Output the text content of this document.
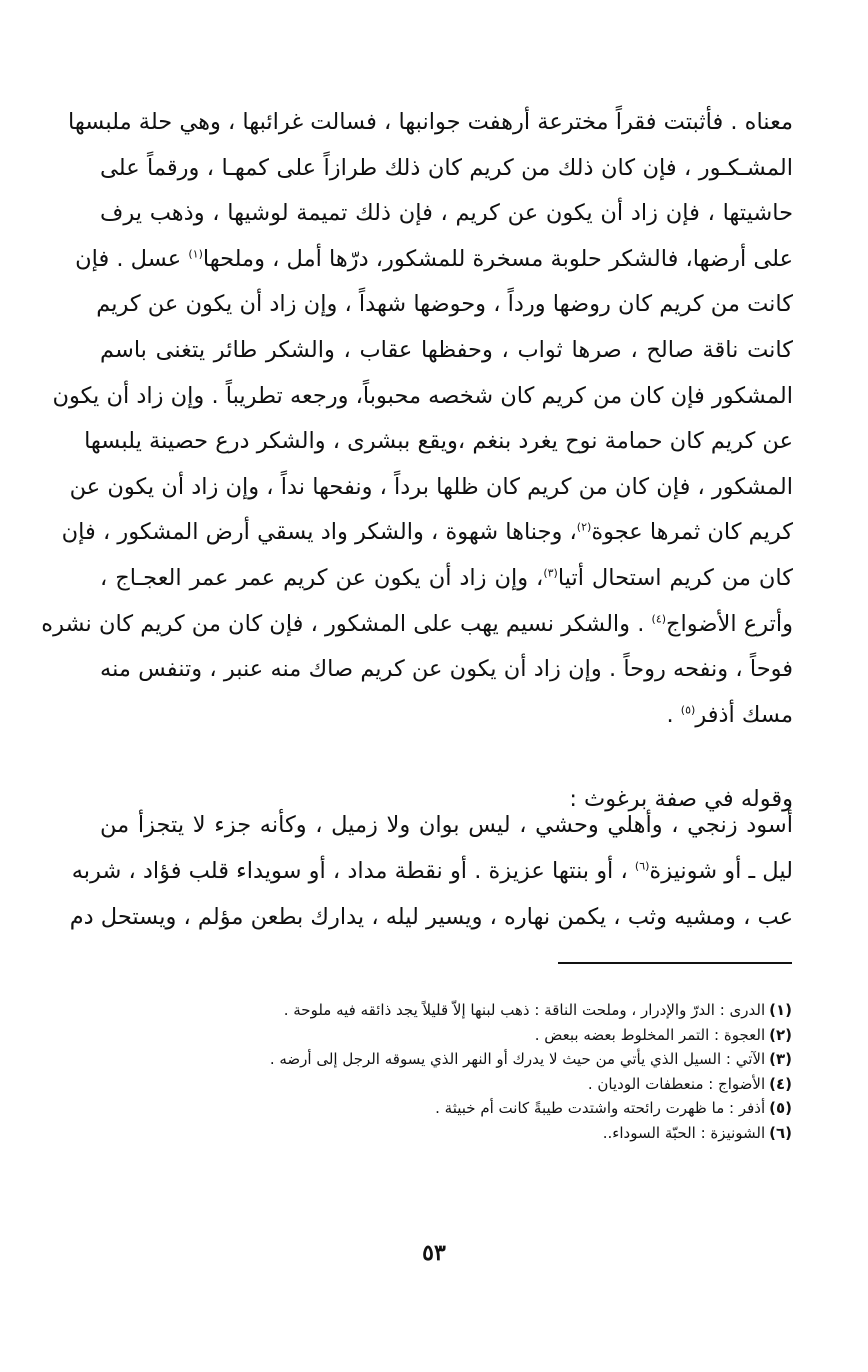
معناه . فأثبتت فقراً مخترعة أرهفت جوانبها ، فسالت غرائبها ، وهي حلة ملبسها
المشـكـور ، فإن كان ذلك من كريم كان ذلك طرازاً على كمهـا ، ورقماً على
حاشيتها ، فإن زاد أن يكون عن كريم ، فإن ذلك تميمة لوشيها ، وذهب يرف
على أرضها، فالشكر حلوبة مسخرة للمشكور، درّها أمل ، وملحها$^{(١)}$ عسل . فإن
كانت من كريم كان روضها ورداً ، وحوضها شهداً ، وإن زاد أن يكون عن كريم
كانت ناقة صالح ، صرها ثواب ، وحفظها عقاب ، والشكر طائر يتغنى باسم
المشكور فإن كان من كريم كان شخصه محبوباً، ورجعه تطريباً . وإن زاد أن يكون
عن كريم كان حمامة نوح يغرد بنغم ،ويقع ببشرى ، والشكر درع حصينة يلبسها
المشكور ، فإن كان من كريم كان ظلها برداً ، ونفحها نداً ، وإن زاد أن يكون عن
كريم كان ثمرها عجوة$^{(٢)}$، وجناها شهوة ، والشكر واد يسقي أرض المشكور ، فإن
كان من كريم استحال أتيا$^{(٣)}$، وإن زاد أن يكون عن كريم عمر عمر العجـاج ،
وأترع الأضواج$^{(٤)}$ . والشكر نسيم يهب على المشكور ، فإن كان من كريم كان نشره
فوحاً ، ونفحه روحاً . وإن زاد أن يكون عن كريم صاك منه عنبر ، وتنفس منه
مسك أذفر$^{(٥)}$ .
وقوله في صفة برغوث :
أسود زنجي ، وأهلي وحشي ، ليس بوان ولا زميل ، وكأنه جزء لا يتجزأ من
ليل ـ أو شونيزة$^{(٦)}$ ، أو بنتها عزيزة . أو نقطة مداد ، أو سويداء قلب فؤاد ، شربه
عب ، ومشيه وثب ، يكمن نهاره ، ويسير ليله ، يدارك بطعن مؤلم ، ويستحل دم
(١)الدرى : الدرّ والإدرار ، وملحت الناقة : ذهب لبنها إلاّ قليلاً يجد ذائقه فيه ملوحة .
(٢)العجوة : التمر المخلوط بعضه ببعض .
(٣)الآتي : السيل الذي يأتي من حيث لا يدرك أو النهر الذي يسوقه الرجل إلى أرضه .
(٤)الأضواج : منعطفات الوديان .
(٥)أذفر : ما ظهرت رائحته واشتدت طيبةً كانت أم خبيثة .
(٦)الشونيزة : الحبّة السوداء..
٥٣
